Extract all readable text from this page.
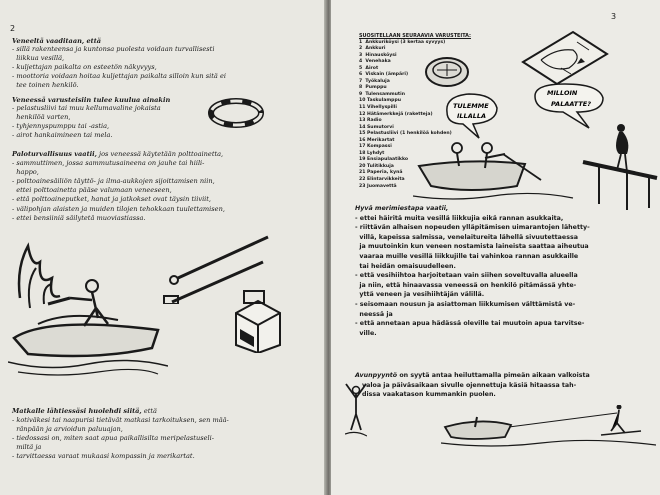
2
Veneeltä vaaditaan, että
- sillä rakenteensa ja kuntonsa puolesta voidaan turvallisesti
liikkua vesillä,
- kuljettajan paikalta on esteetön näkyvyys,
- moottoria voidaan hoitaa kuljettajan paikalta silloin kun sitä ei
tee toinen henkilö.
Veneessä varusteisiin tulee kuulua ainakin
- pelastusliivi tai muu kellumavaline jokaista
henkilöä varten,
- tyhjennyspumppu tai -astia,
- airot hankaimineen tai mela.
Paloturvallisuus vaatii, jos veneessä käytetään polttoainetta,
- sammuttimen, jossa sammutusaineena on jauhe tai hiili-
happo,
- polttoainesäiliön täyttö- ja ilma-aukkojen sijoittamisen niin,
ettei polttoainetta pääse valumaan veneeseen,
- että polttoaineputket, hanat ja jatkokset ovat täysin tiiviit,
- välipohjan alaisten ja muiden tilojen tehokkaan tuulettamisen,
- ettei bensiiniä säilytetä muoviastiassa.
Matkalle lähtiessäsi huolehdi siitä, että
- kotiväkesi tai naapurisi tietävät matkasi tarkoituksen, sen mää-
ränpään ja arvioidun paluuajan,
- tiedossasi on, miten saat apua paikallisilta meripelastuseli-
miltä ja
- tarvittaessa varaat mukaasi kompassin ja merikartat.
3
SUOSITELLAAN SEURAAVIA VARUSTEITA:
1  Ankkuriköysi (3 kertaa syvyys)
2  Ankkuri
3  Hinausköysi
4  Venehaka
5  Airot
6  Viskain (ämpäri)
7  Työkaluja
8  Pumppu
9  Tulensammutin
10 Taskulamppu
11 Vihellyspilli
12 Hätämerkkejä (raketteja)
13 Radio
14 Sumutorvi
15 Pelastusliivi (1 henkilöä kohden)
16 Merikartat
17 Kompassi
18 Lyhdyt
19 Ensiapulaatikko
20 Tulitikkuja
21 Paperia, kynä
22 Elintarvikkeita
23 Juomavettä
TULEMME
ILLALLA
MILLOIN
PALAATTE?
Hyvä merimiestapa vaatii,
- ettei häiritä muita vesillä liikkujia eikä rannan asukkaita,
- riittävän alhaisen nopeuden ylläpitämisen uimarantojen lähetty-
villä, kapeissa salmissa, venelaitureita lähellä sivuutettaessa
ja muutoinkin kun veneen nostamista laineista saattaa aiheutua
vaaraa muille vesillä liikkujille tai vahinkoa rannan asukkaille
tai heidän omaisuudelleen.
- että vesihiihtoa harjoitetaan vain siihen soveltuvalla alueella
ja niin, että hinaavassa veneessä on henkilö pitämässä yhte-
yttä veneen ja vesihiihtäjän välillä.
- seisomaan nousun ja asiattoman liikkumisen välttämistä ve-
neessä ja
- että annetaan apua hädässä oleville tai muutoin apua tarvitse-
ville.
Avunpyyntö on syytä antaa heiluttamalla pimeän aikaan valkoista
valoa ja päiväsaikaan sivulle ojennettuja käsiä hitaassa tah-
dissa vaakatason kummankin puolen.
